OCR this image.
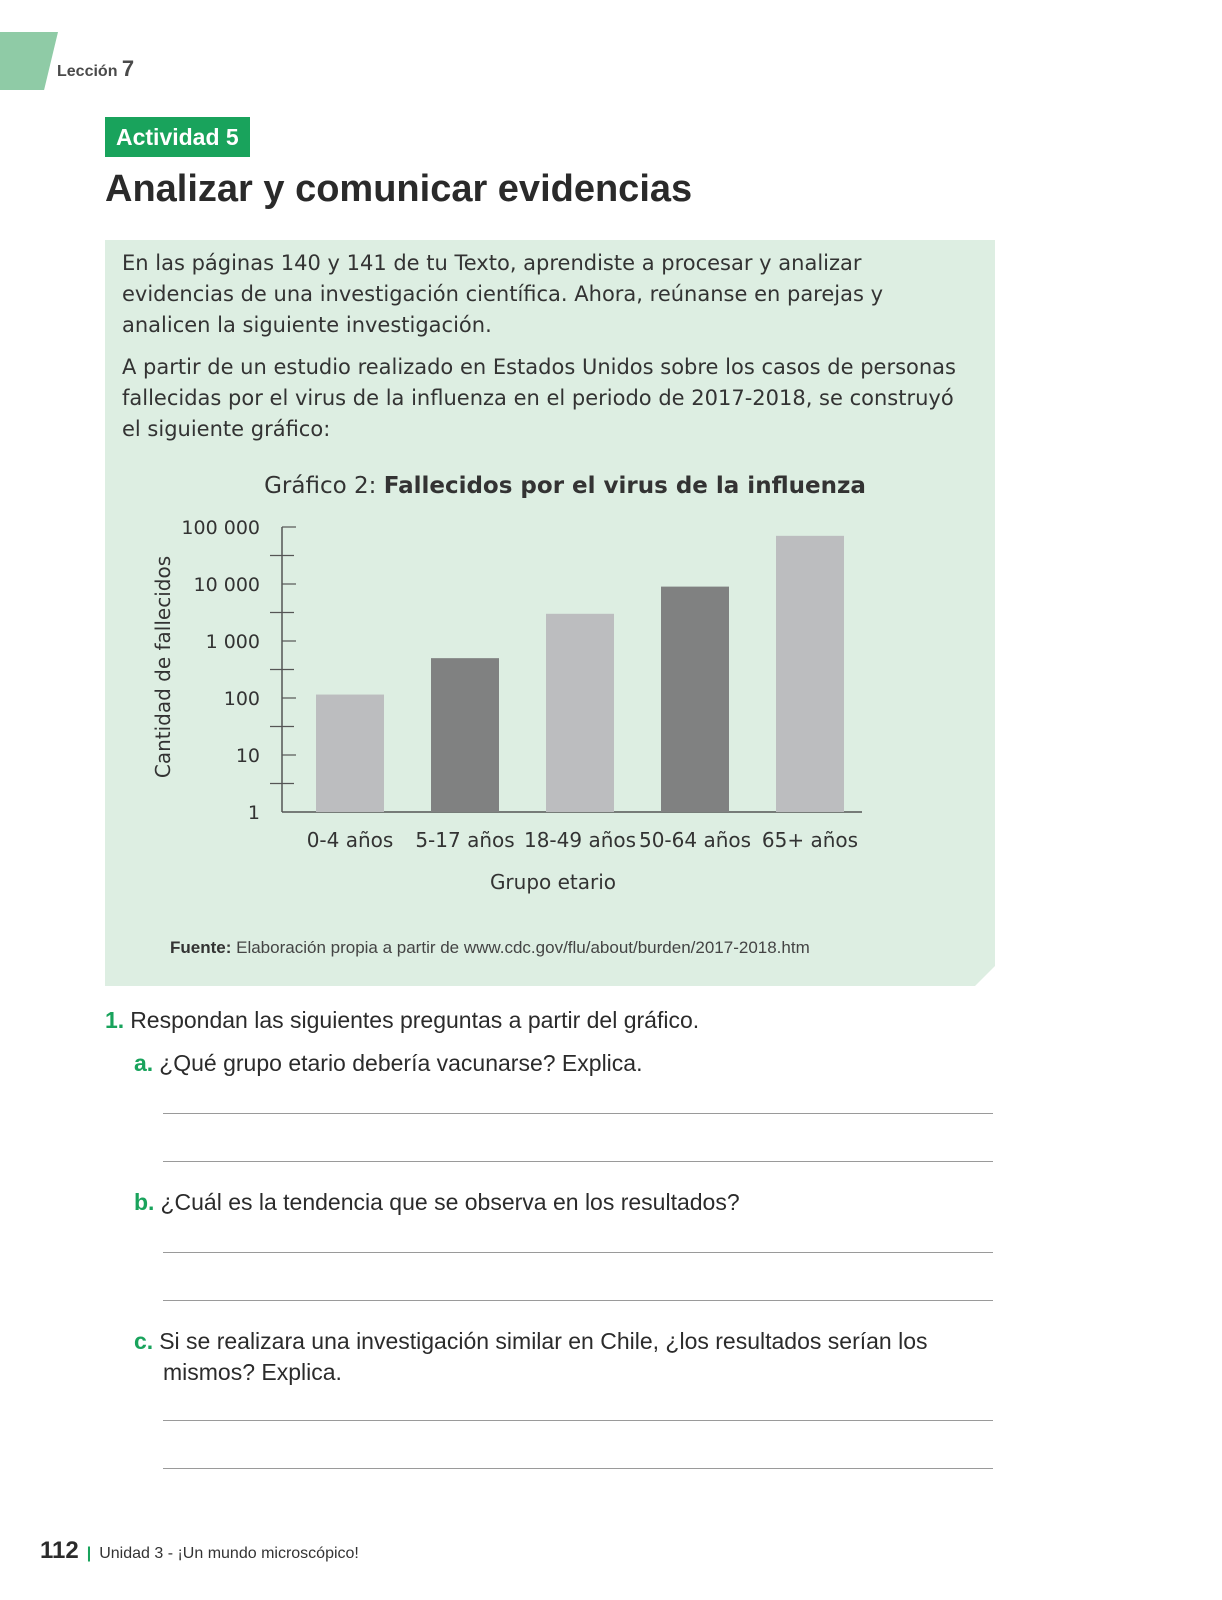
Lección 7
Actividad 5
Analizar y comunicar evidencias

En las páginas 140 y 141 de tu Texto, aprendiste a procesar y analizar evidencias de una investigación científica. Ahora, reúnanse en parejas y analicen la siguiente investigación.

A partir de un estudio realizado en Estados Unidos sobre los casos de personas fallecidas por el virus de la influenza en el periodo de 2017-2018, se construyó el siguiente gráfico:

Gráfico 2: Fallecidos por el virus de la influenza
Cantidad de fallecidos
1
10
100
1 000
10 000
100 000
0-4 años 5-17 años 18-49 años 50-64 años 65+ años
Grupo etario
Fuente: Elaboración propia a partir de www.cdc.gov/flu/about/burden/2017-2018.htm
1. Respondan las siguientes preguntas a partir del gráfico.
a. ¿Qué grupo etario debería vacunarse? Explica.
b. ¿Cuál es la tendencia que se observa en los resultados?
c. Si se realizara una investigación similar en Chile, ¿los resultados serían los mismos? Explica.
112 | Unidad 3 - ¡Un mundo microscópico!
